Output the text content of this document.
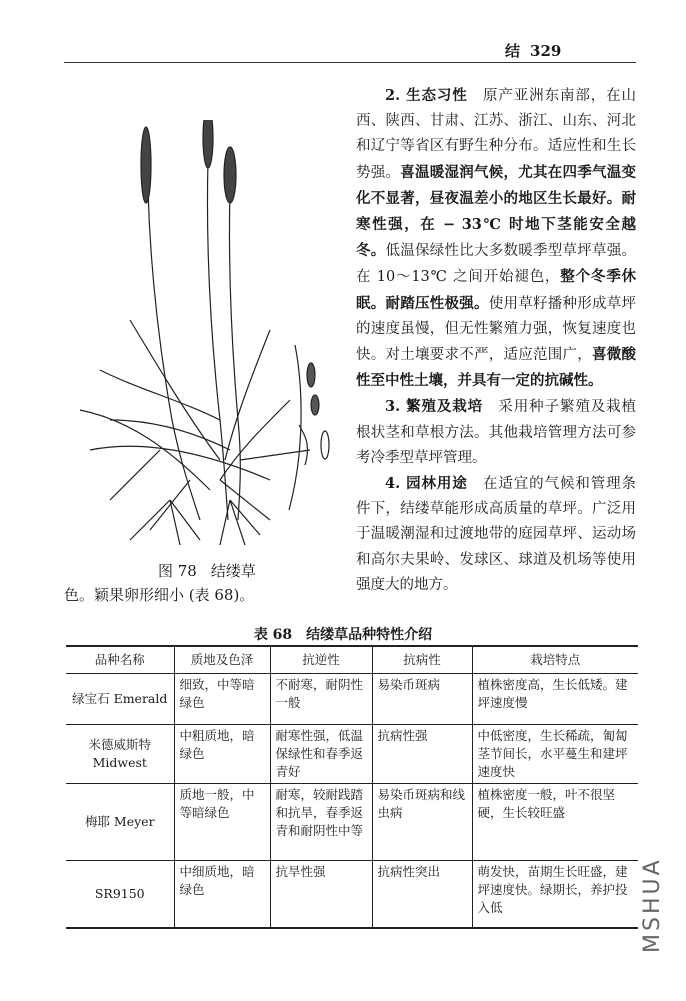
结 329
图 78 结缕草
色。颖果卵形细小 (表 68)。

2. 生态习性　 原产亚洲东南部，在山西、陕西、甘肃、江苏、浙江、山东、河北和辽宁等省区有野生种分布。适应性和生长势强。喜温暖湿润气候，尤其在四季气温变化不显著，昼夜温差小的地区生长最好。耐寒性强，在 − 33℃ 时地下茎能安全越冬。低温保绿性比大多数暖季型草坪草强。在 10～13℃ 之间开始褪色，整个冬季休眠。耐踏压性极强。使用草籽播种形成草坪的速度虽慢，但无性繁殖力强，恢复速度也快。对土壤要求不严，适应范围广，喜微酸性至中性土壤，并具有一定的抗碱性。

3. 繁殖及栽培　 采用种子繁殖及栽植根状茎和草根方法。其他栽培管理方法可参考冷季型草坪管理。

4. 园林用途　 在适宜的气候和管理条件下，结缕草能形成高质量的草坪。广泛用于温暖潮湿和过渡地带的庭园草坪、运动场和高尔夫果岭、发球区、球道及机场等使用强度大的地方。

表 68　结缕草品种特性介绍
品种名称	质地及色泽	抗逆性	抗病性	栽培特点
绿宝石 Emerald	细致，中等暗绿色	不耐寒，耐阴性一般	易染币斑病	植株密度高，生长低矮。建坪速度慢
米德威斯特 Midwest	中粗质地，暗绿色	耐寒性强，低温保绿性和春季返青好	抗病性强	中低密度，生长稀疏，匍匐茎节间长，水平蔓生和建坪速度快
梅耶 Meyer	质地一般，中等暗绿色	耐寒，较耐践踏和抗旱，春季返青和耐阴性中等	易染币斑病和线虫病	植株密度一般，叶不很坚硬，生长较旺盛
SR9150	中细质地，暗绿色	抗旱性强	抗病性突出	萌发快，苗期生长旺盛，建坪速度快。绿期长，养护投入低	MSHUA
